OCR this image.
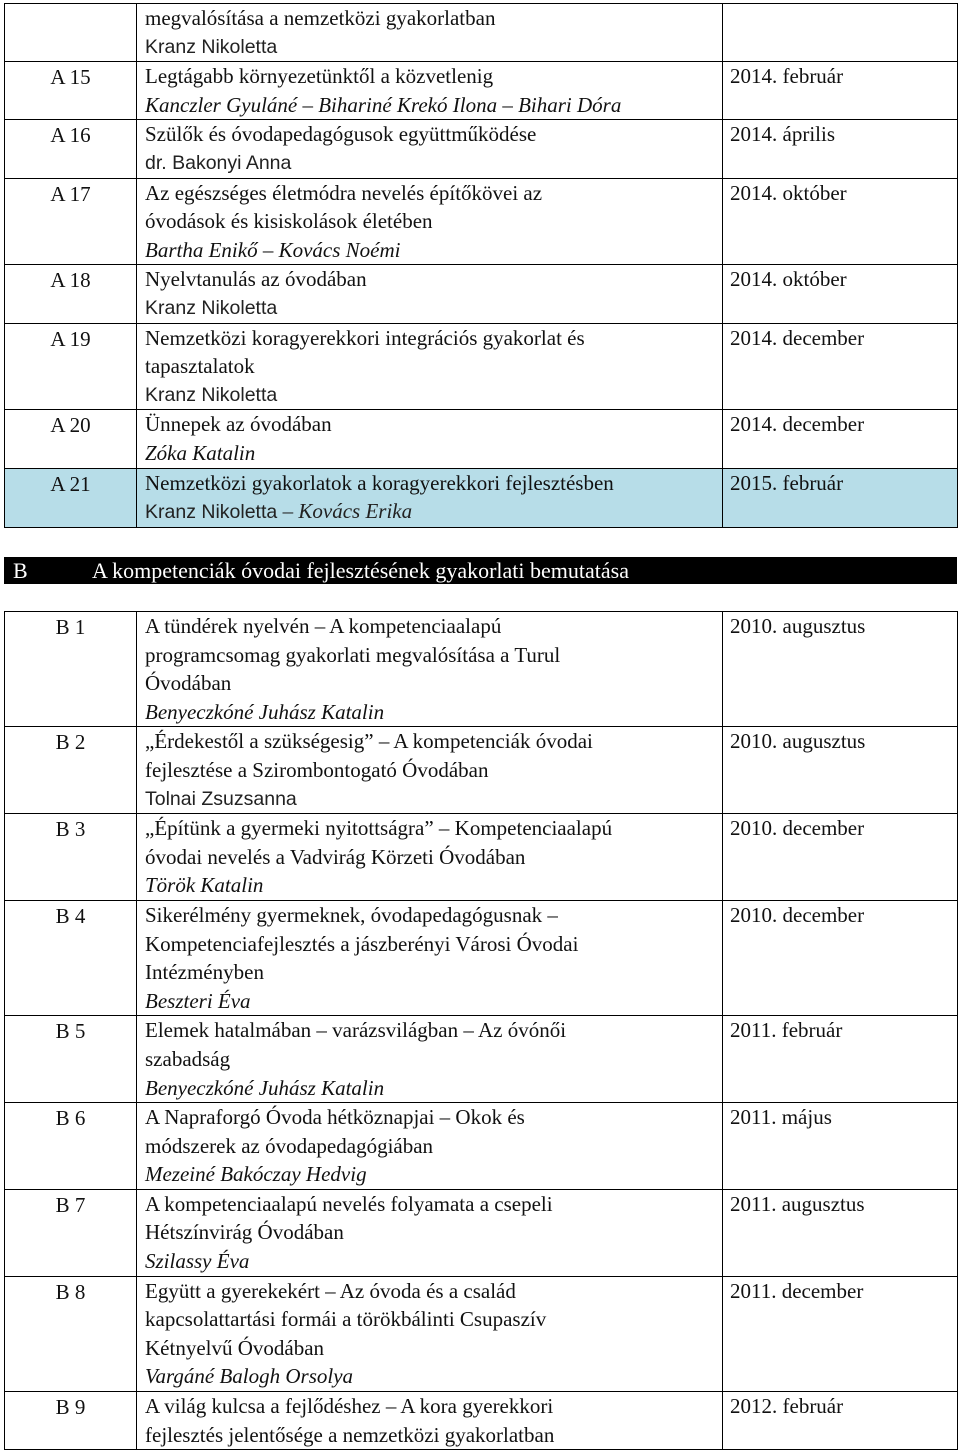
	megvalósítása a nemzetközi gyakorlatban
Kranz Nikoletta	

A 15	Legtágabb környezetünktől a közvetlenig
Kanczler Gyuláné – Bihariné Krekó Ilona – Bihari Dóra	2014. február
A 16	Szülők és óvodapedagógusok együttműködése
dr. Bakonyi Anna	2014. április
A 17	Az egészséges életmódra nevelés építőkövei az
óvodások és kisiskolások életében
Bartha Enikő – Kovács Noémi	2014. október
A 18	Nyelvtanulás az óvodában
Kranz Nikoletta	2014. október
A 19	Nemzetközi koragyerekkori integrációs gyakorlat és
tapasztalatok
Kranz Nikoletta	2014. december
A 20	Ünnepek az óvodában
Zóka Katalin	2014. december
A 21	Nemzetközi gyakorlatok a koragyerekkori fejlesztésben
Kranz Nikoletta – Kovács Erika	2015. február
B	A kompetenciák óvodai fejlesztésének gyakorlati bemutatása
B 1	A tündérek nyelvén – A kompetenciaalapú
programcsomag gyakorlati megvalósítása a Turul
Óvodában
Benyeczkóné Juhász Katalin	2010. augusztus
B 2	„Érdekestől a szükségesig” – A kompetenciák óvodai
fejlesztése a Szirombontogató Óvodában
Tolnai Zsuzsanna	2010. augusztus
B 3	„Építünk a gyermeki nyitottságra” – Kompetenciaalapú
óvodai nevelés a Vadvirág Körzeti Óvodában
Török Katalin	2010. december
B 4	Sikerélmény gyermeknek, óvodapedagógusnak –
Kompetenciafejlesztés a jászberényi Városi Óvodai
Intézményben
Beszteri Éva	2010. december
B 5	Elemek hatalmában – varázsvilágban – Az óvónői
szabadság
Benyeczkóné Juhász Katalin	2011. február
B 6	A Napraforgó Óvoda hétköznapjai – Okok és
módszerek az óvodapedagógiában
Mezeiné Bakóczay Hedvig	2011. május
B 7	A kompetenciaalapú nevelés folyamata a csepeli
Hétszínvirág Óvodában
Szilassy Éva	2011. augusztus
B 8	Együtt a gyerekekért – Az óvoda és a család
kapcsolattartási formái a törökbálinti Csupaszív
Kétnyelvű Óvodában
Vargáné Balogh Orsolya	2011. december
B 9	A világ kulcsa a fejlődéshez – A kora gyerekkori
fejlesztés jelentősége a nemzetközi gyakorlatban	2012. február
